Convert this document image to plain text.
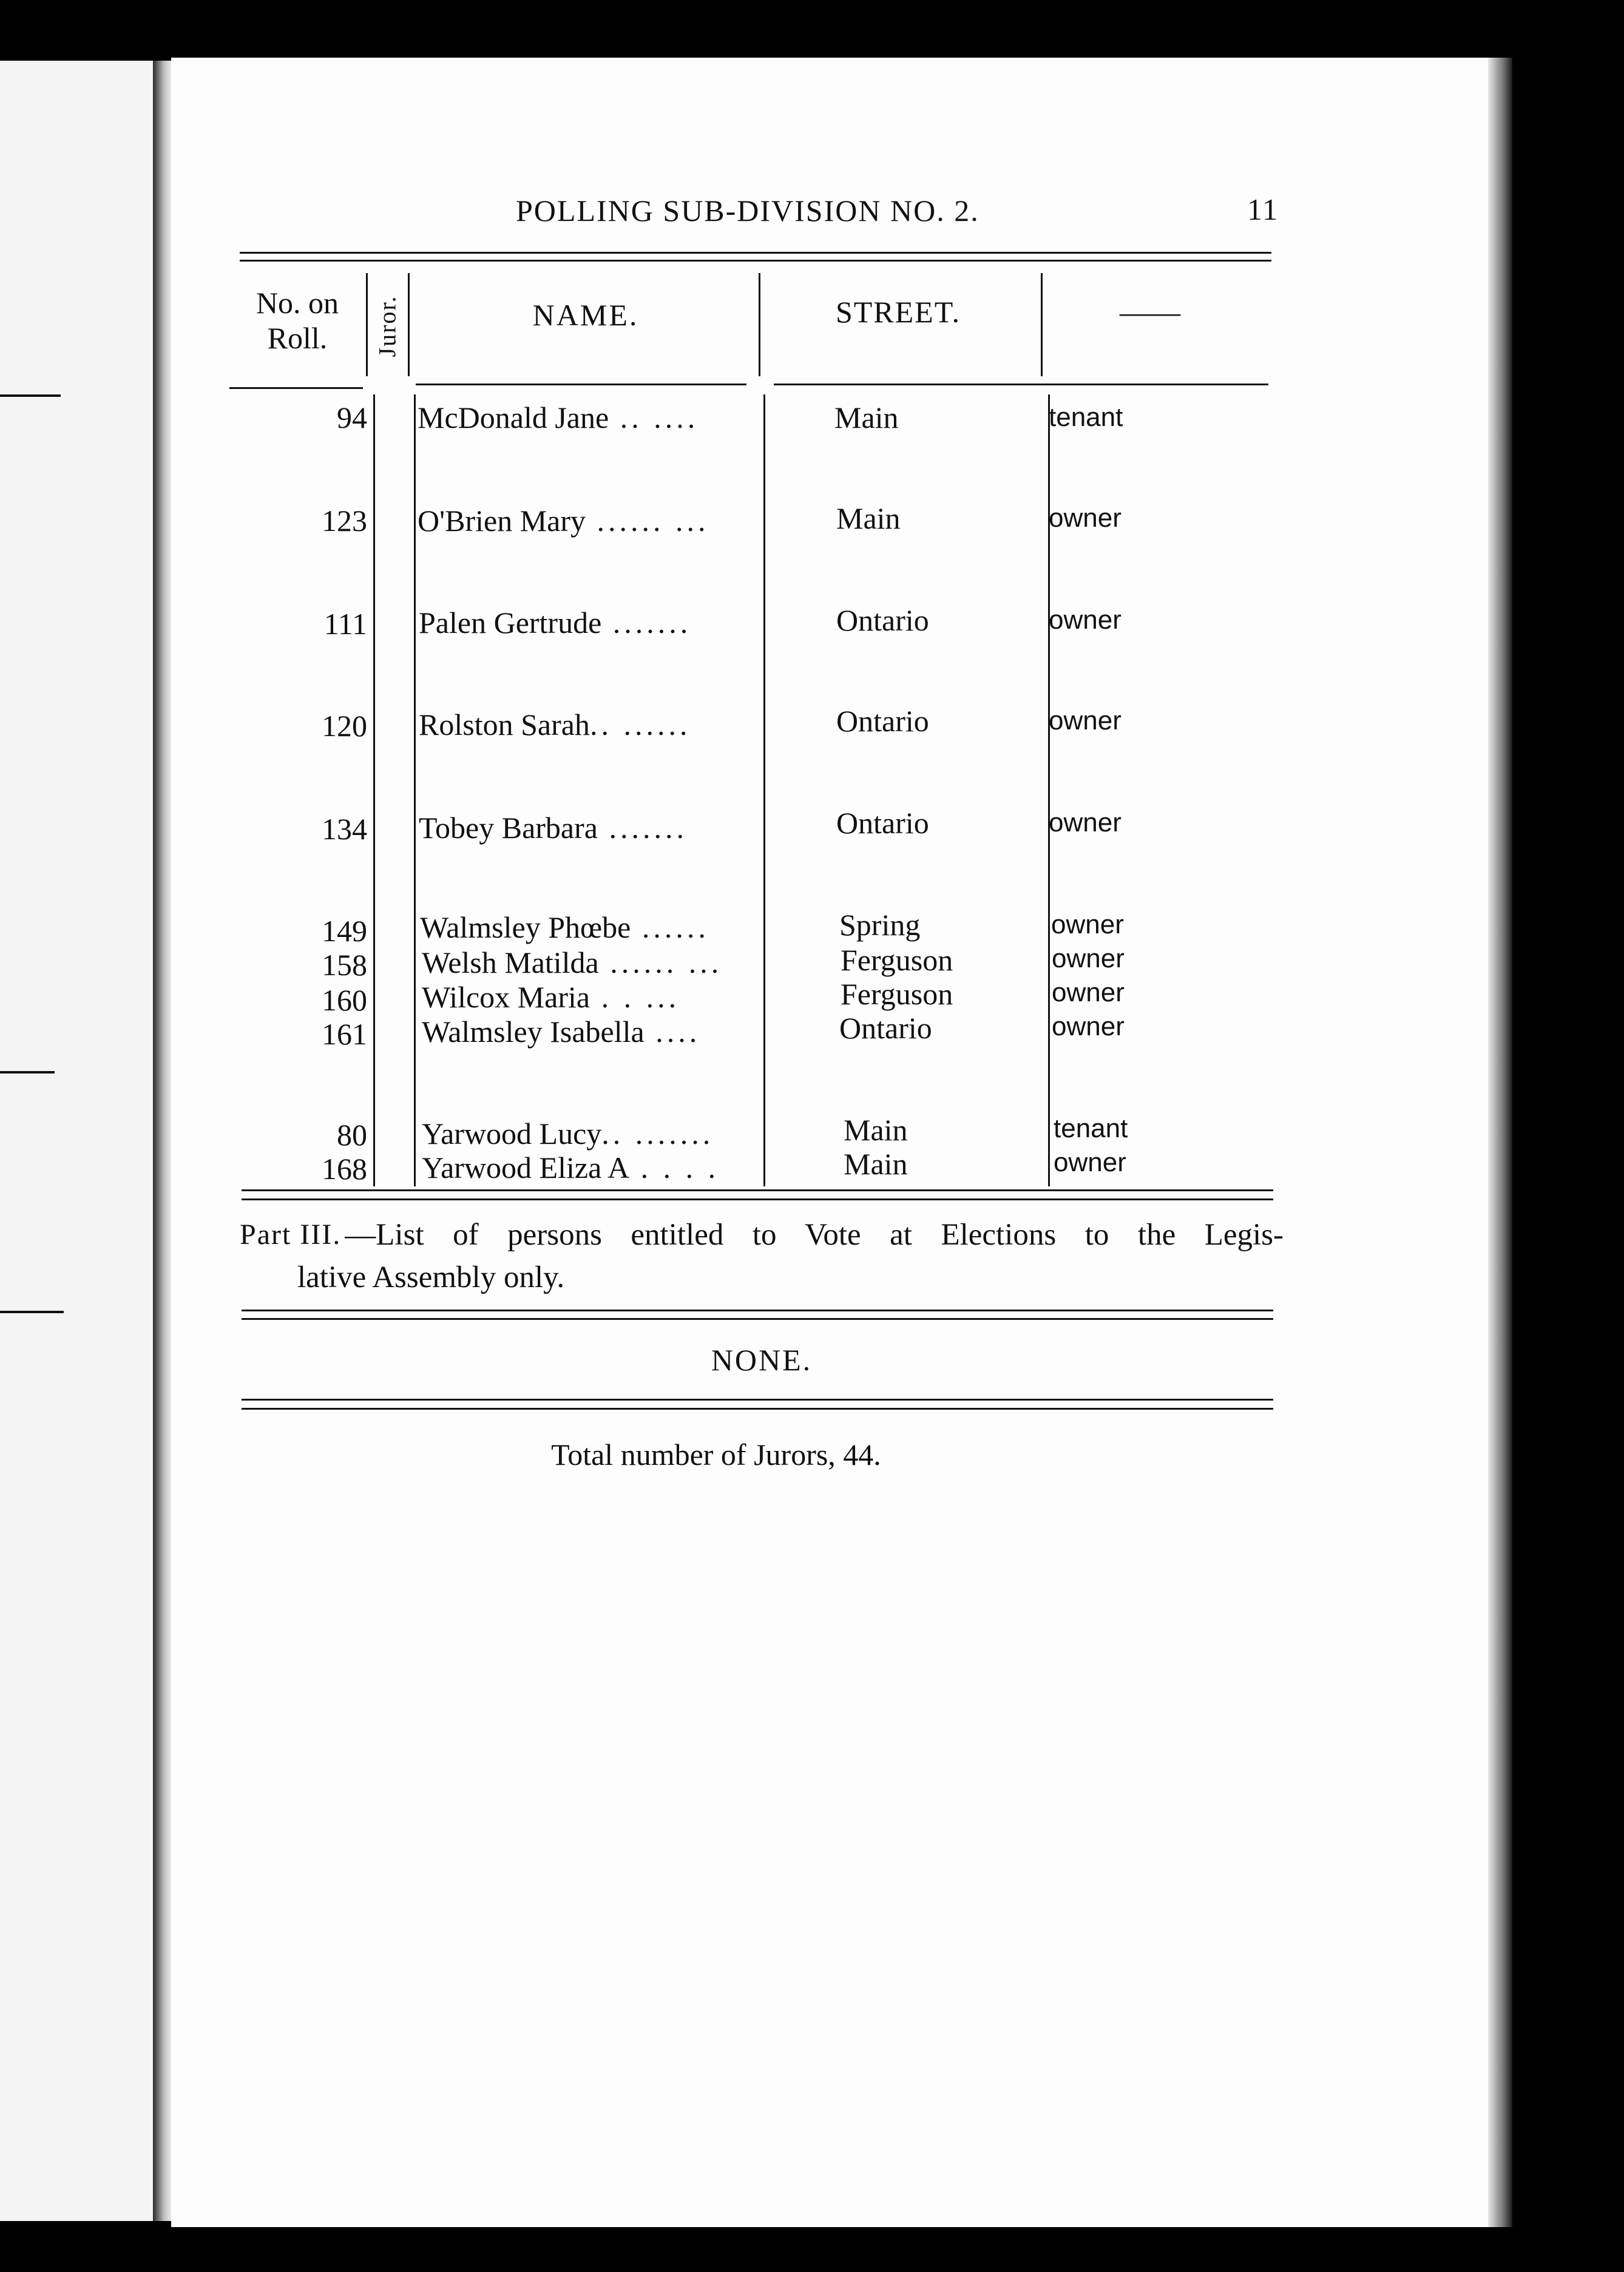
POLLING SUB-DIVISION NO. 2.	11
No. on
Roll.	Juror.	NAME.	STREET.	——
94 McDonald Jane .. ....	Main	tenant
123 O'Brien Mary ...... ...	Main	owner
111 Palen Gertrude .......	Ontario	owner
120 Rolston Sarah.. ......	Ontario	owner
134 Tobey Barbara .......	Ontario	owner
149 Walmsley Phœbe ......	Spring	owner
158 Welsh Matilda ...... ...	Ferguson	owner
160 Wilcox Maria . . ...	Ferguson	owner
161 Walmsley Isabella ....	Ontario	owner
80 Yarwood Lucy.. .......	Main	tenant
168 Yarwood Eliza A . . . .	Main	owner
Part III. —List of persons entitled to Vote at Elections to the Legis-
lative Assembly only.
NONE.
Total number of Jurors, 44.
